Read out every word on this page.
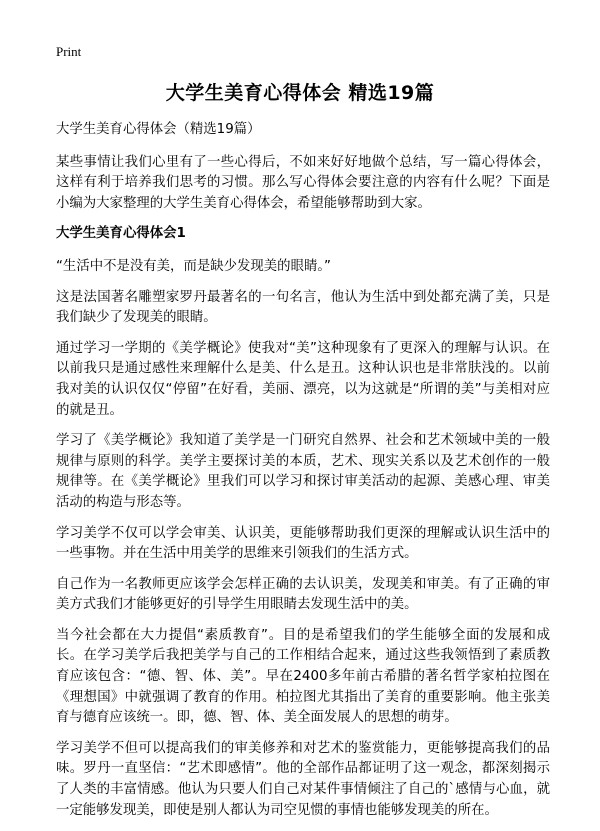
Print
大学生美育心得体会 精选19篇

大学生美育心得体会（精选19篇）

某些事情让我们心里有了一些心得后，不如来好好地做个总结，写一篇心得体会，这样有利于培养我们思考的习惯。那么写心得体会要注意的内容有什么呢？下面是小编为大家整理的大学生美育心得体会，希望能够帮助到大家。

大学生美育心得体会1

“生活中不是没有美，而是缺少发现美的眼睛。”

这是法国著名雕塑家罗丹最著名的一句名言，他认为生活中到处都充满了美，只是我们缺少了发现美的眼睛。

通过学习一学期的《美学概论》使我对“美”这种现象有了更深入的理解与认识。在以前我只是通过感性来理解什么是美、什么是丑。这种认识也是非常肤浅的。以前我对美的认识仅仅“停留”在好看，美丽、漂亮，以为这就是“所谓的美”与美相对应的就是丑。

学习了《美学概论》我知道了美学是一门研究自然界、社会和艺术领域中美的一般规律与原则的科学。美学主要探讨美的本质，艺术、现实关系以及艺术创作的一般规律等。在《美学概论》里我们可以学习和探讨审美活动的起源、美感心理、审美活动的构造与形态等。

学习美学不仅可以学会审美、认识美，更能够帮助我们更深的理解或认识生活中的一些事物。并在生活中用美学的思维来引领我们的生活方式。

自己作为一名教师更应该学会怎样正确的去认识美，发现美和审美。有了正确的审美方式我们才能够更好的引导学生用眼睛去发现生活中的美。

当今社会都在大力提倡“素质教育”。目的是希望我们的学生能够全面的发展和成长。在学习美学后我把美学与自己的工作相结合起来，通过这些我领悟到了素质教育应该包含：“德、智、体、美”。早在2400多年前古希腊的著名哲学家柏拉图在《理想国》中就强调了教育的作用。柏拉图尤其指出了美育的重要影响。他主张美育与德育应该统一。即，德、智、体、美全面发展人的思想的萌芽。

学习美学不但可以提高我们的审美修养和对艺术的鉴赏能力，更能够提高我们的品味。罗丹一直坚信：“艺术即感情”。他的全部作品都证明了这一观念，都深刻揭示了人类的丰富情感。他认为只要人们自己对某件事情倾注了自己的`感情与心血，就一定能够发现美，即使是别人都认为司空见惯的事情也能够发现美的所在。
